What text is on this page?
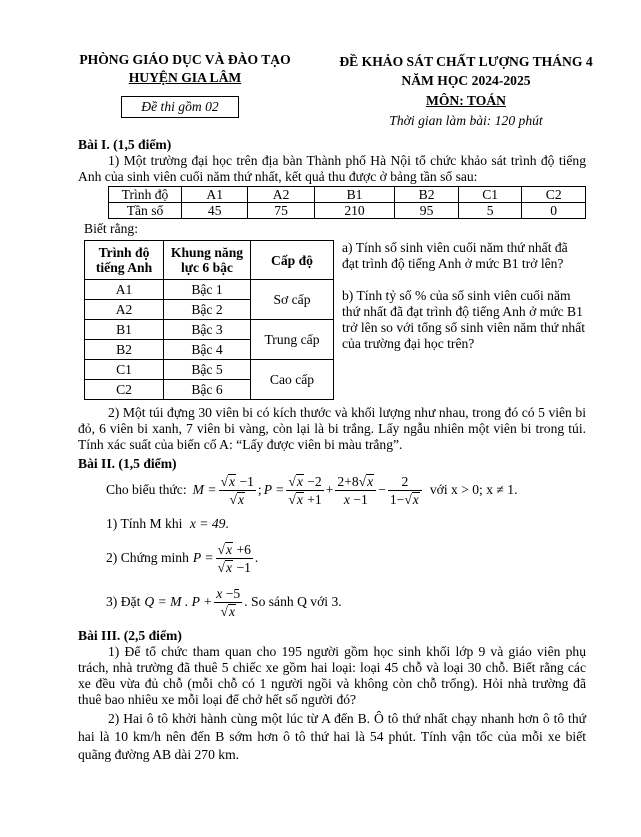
PHÒNG GIÁO DỤC VÀ ĐÀO TẠO
HUYỆN GIA LÂM
Đề thi gồm 02
ĐỀ KHẢO SÁT CHẤT LƯỢNG THÁNG 4
NĂM HỌC 2024-2025
MÔN: TOÁN
Thời gian làm bài: 120 phút
Bài I. (1,5 điểm)

1) Một trường đại học trên địa bàn Thành phố Hà Nội tổ chức khảo sát trình độ tiếng Anh của sinh viên cuối năm thứ nhất, kết quả thu được ở bảng tần số sau:

Trình độ	A1	A2	B1	B2	C1	C2
Tần số	45	75	210	95	5	0
Biết rằng:
Trình độ tiếng Anh	Khung năng lực 6 bậc	Cấp độ
A1	Bậc 1	Sơ cấp
A2	Bậc 2	
B1	Bậc 3	Trung cấp
B2	Bậc 4	
C1	Bậc 5	Cao cấp
C2	Bậc 6	

a) Tính số sinh viên cuối năm thứ nhất đã đạt trình độ tiếng Anh ở mức B1 trở lên?

b) Tính tỷ số % của số sinh viên cuối năm thứ nhất đã đạt trình độ tiếng Anh ở mức B1 trở lên so với tổng số sinh viên năm thứ nhất của trường đại học trên?

2) Một túi đựng 30 viên bi có kích thước và khối lượng như nhau, trong đó có 5 viên bi đỏ, 6 viên bi xanh, 7 viên bi vàng, còn lại là bi trắng. Lấy ngẫu nhiên một viên bi trong túi. Tính xác suất của biến cố A: “Lấy được viên bi màu trắng”.

Bài II. (1,5 điểm)
Cho biểu thức: $M = \frac{√x -1}{√x}$ ; $P = \frac{√x -2}{√x +1} + \frac{2+8√x}{x -1} - \frac{2}{1-√x}$ với x > 0; x ≠ 1.
1) Tính M khi x = 49.
2) Chứng minh $P = \frac{√x +6}{√x -1}$ .
3) Đặt Q = M . $P + \frac{x -5}{√x}$ . So sánh Q với 3.
Bài III. (2,5 điểm)

1) Để tổ chức tham quan cho 195 người gồm học sinh khối lớp 9 và giáo viên phụ trách, nhà trường đã thuê 5 chiếc xe gồm hai loại: loại 45 chỗ và loại 30 chỗ. Biết rằng các xe đều vừa đủ chỗ (mỗi chỗ có 1 người ngồi và không còn chỗ trống). Hỏi nhà trường đã thuê bao nhiêu xe mỗi loại để chở hết số người đó?

2) Hai ô tô khởi hành cùng một lúc từ A đến B. Ô tô thứ nhất chạy nhanh hơn ô tô thứ hai là 10 km/h nên đến B sớm hơn ô tô thứ hai là 54 phút. Tính vận tốc của mỗi xe biết quãng đường AB dài 270 km.
